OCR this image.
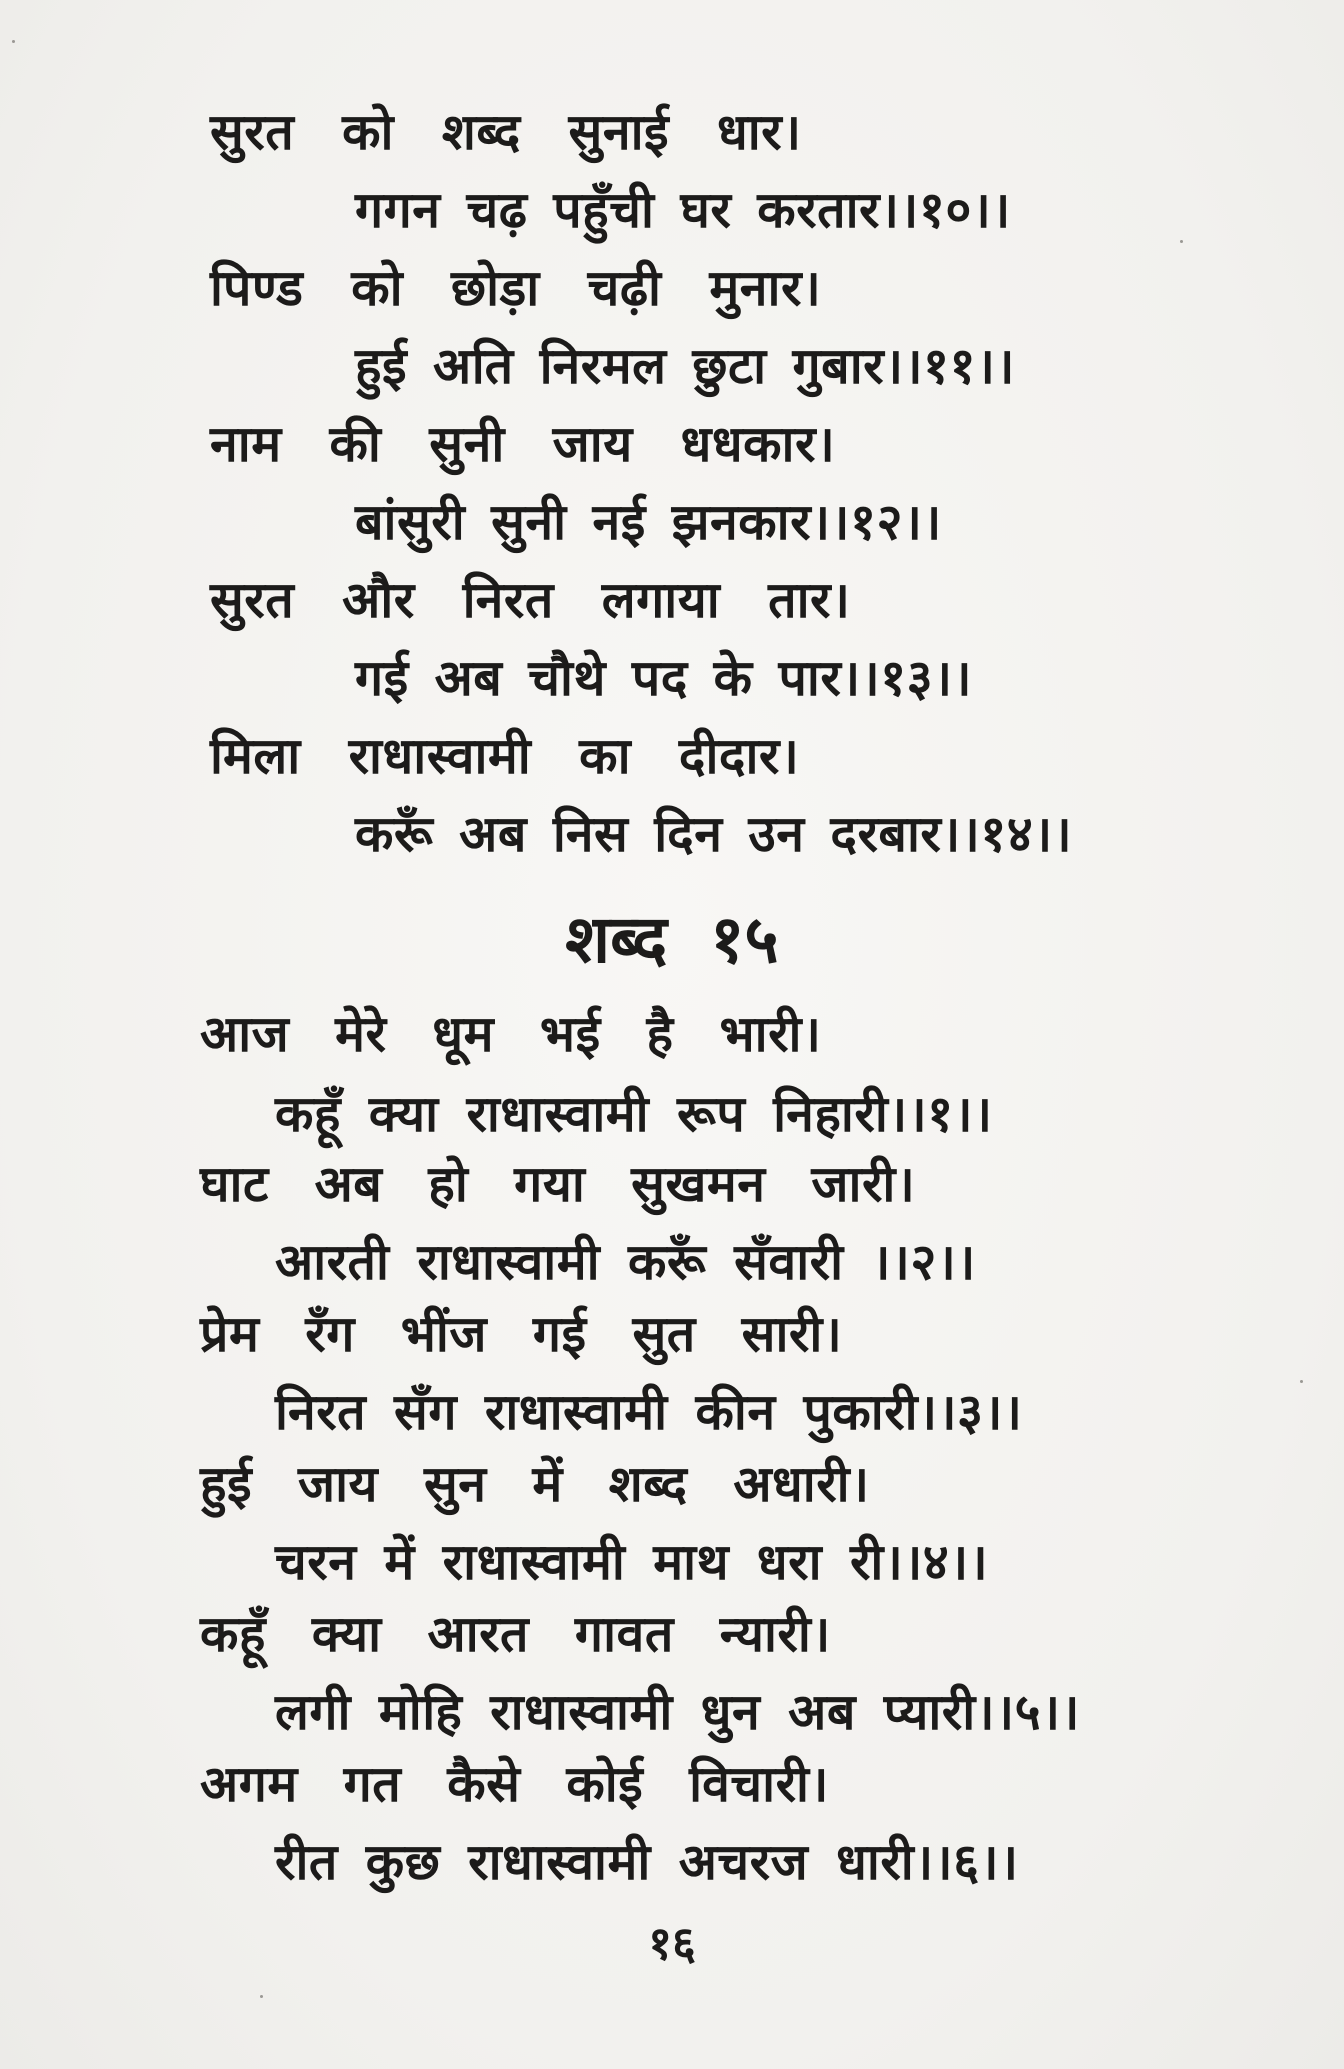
सुरत को शब्द सुनाई धार।
गगन चढ़ पहुँची घर करतार।।१०।।
पिण्ड को छोड़ा चढ़ी मुनार।
हुई अति निरमल छुटा गुबार।।११।।
नाम की सुनी जाय धधकार।
बांसुरी सुनी नई झनकार।।१२।।
सुरत और निरत लगाया तार।
गई अब चौथे पद के पार।।१३।।
मिला राधास्वामी का दीदार।
करूँ अब निस दिन उन दरबार।।१४।।
शब्द १५
आज मेरे धूम भई है भारी।
कहूँ क्या राधास्वामी रूप निहारी।।१।।
घाट अब हो गया सुखमन जारी।
आरती राधास्वामी करूँ सँवारी ।।२।।
प्रेम रँग भींज गई सुत सारी।
निरत सँग राधास्वामी कीन पुकारी।।३।।
हुई जाय सुन में शब्द अधारी।
चरन में राधास्वामी माथ धरा री।।४।।
कहूँ क्या आरत गावत न्यारी।
लगी मोहि राधास्वामी धुन अब प्यारी।।५।।
अगम गत कैसे कोई विचारी।
रीत कुछ राधास्वामी अचरज धारी।।६।।
१६
